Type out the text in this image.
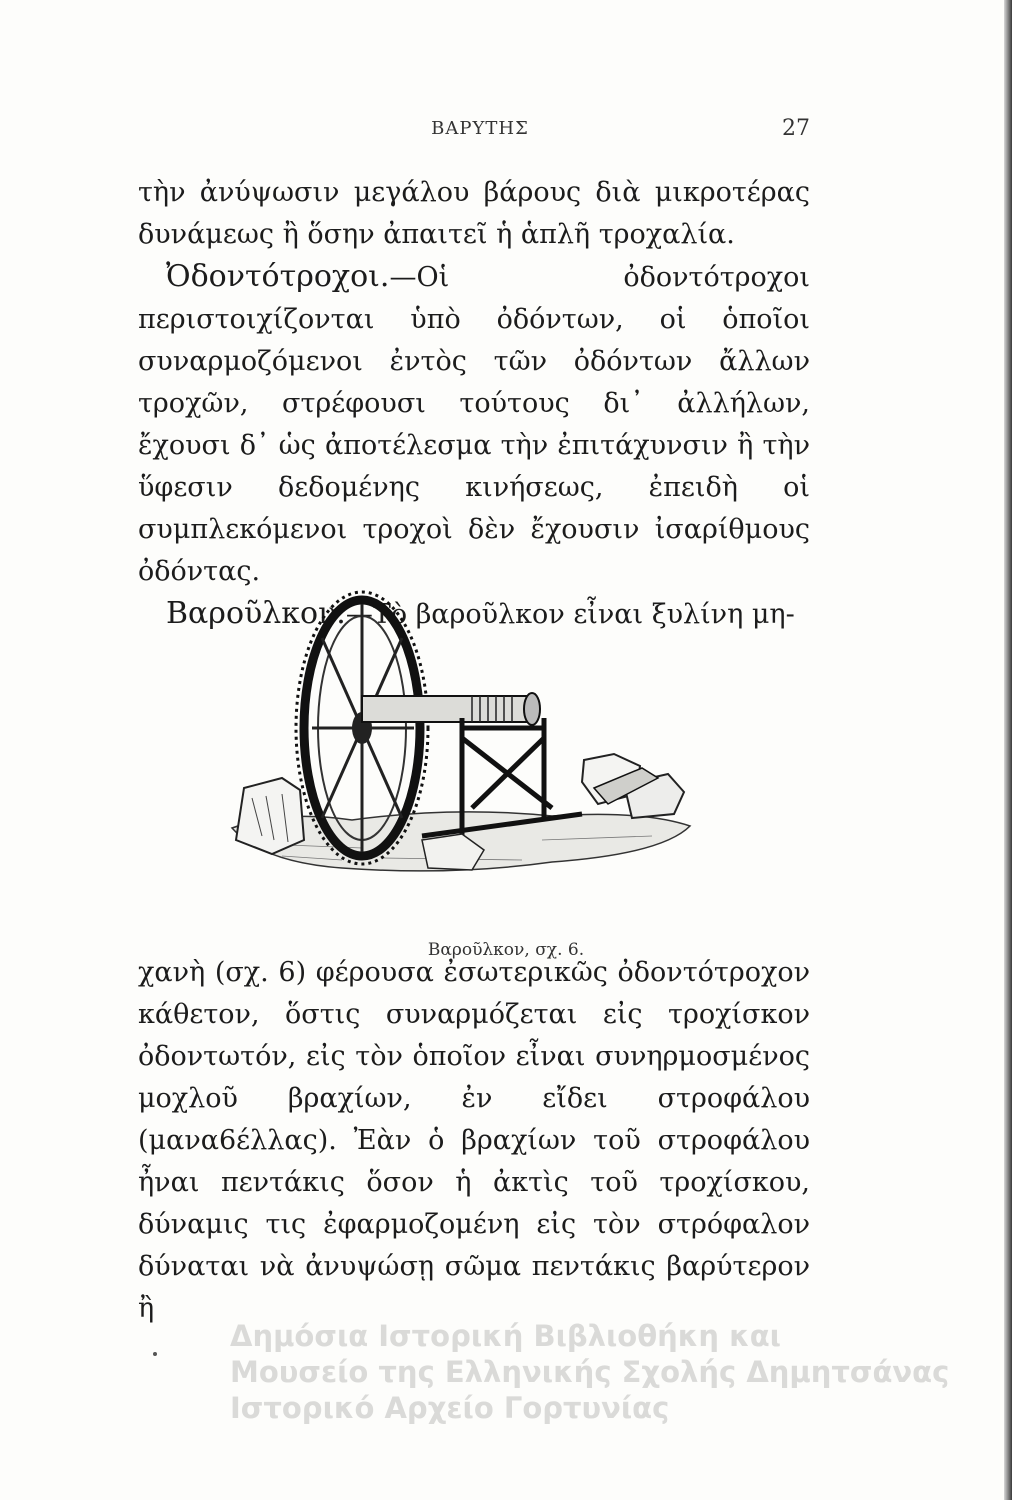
ΒΑΡΥΤΗΣ	27

τὴν ἀνύψωσιν μεγάλου βάρους διὰ μικροτέρας δυνάμεως ἢ ὅσην ἀπαιτεῖ ἡ ἁπλῆ τροχαλία.

Ὀδοντότροχοι.—Οἱ ὀδοντότροχοι περιστοιχίζονται ὑπὸ ὀδόντων, οἱ ὁποῖοι συναρμοζόμενοι ἐντὸς τῶν ὀδόντων ἄλλων τροχῶν, στρέφουσι τούτους δι᾽ ἀλλήλων, ἔχουσι δ᾽ ὡς ἀποτέλεσμα τὴν ἐπιτάχυνσιν ἢ τὴν ὕφεσιν δεδομένης κινήσεως, ἐπειδὴ οἱ συμπλεκόμενοι τροχοὶ δὲν ἔχουσιν ἰσαρίθμους ὀδόντας.

Βαροῦλκον.—Τὸ βαροῦλκον εἶναι ξυλίνη μη-

Βαροῦλκον, σχ. 6.

χανὴ (σχ. 6) φέρουσα ἐσωτερικῶς ὀδοντότροχον κάθετον, ὅστις συναρμόζεται εἰς τροχίσκον ὀδοντωτόν, εἰς τὸν ὁποῖον εἶναι συνηρμοσμένος μοχλοῦ βραχίων, ἐν εἴδει στροφάλου (μανα6έλλας). Ἐὰν ὁ βραχίων τοῦ στροφάλου ἦναι πεντάκις ὅσον ἡ ἀκτὶς τοῦ τροχίσκου, δύναμις τις ἐφαρμοζομένη εἰς τὸν στρόφαλον δύναται νὰ ἀνυψώσῃ σῶμα πεντάκις βαρύτερον ἢ

Δημόσια Ιστορική Βιβλιοθήκη και
Μουσείο της Ελληνικής Σχολής Δημητσάνας
Ιστορικό Αρχείο Γορτυνίας
